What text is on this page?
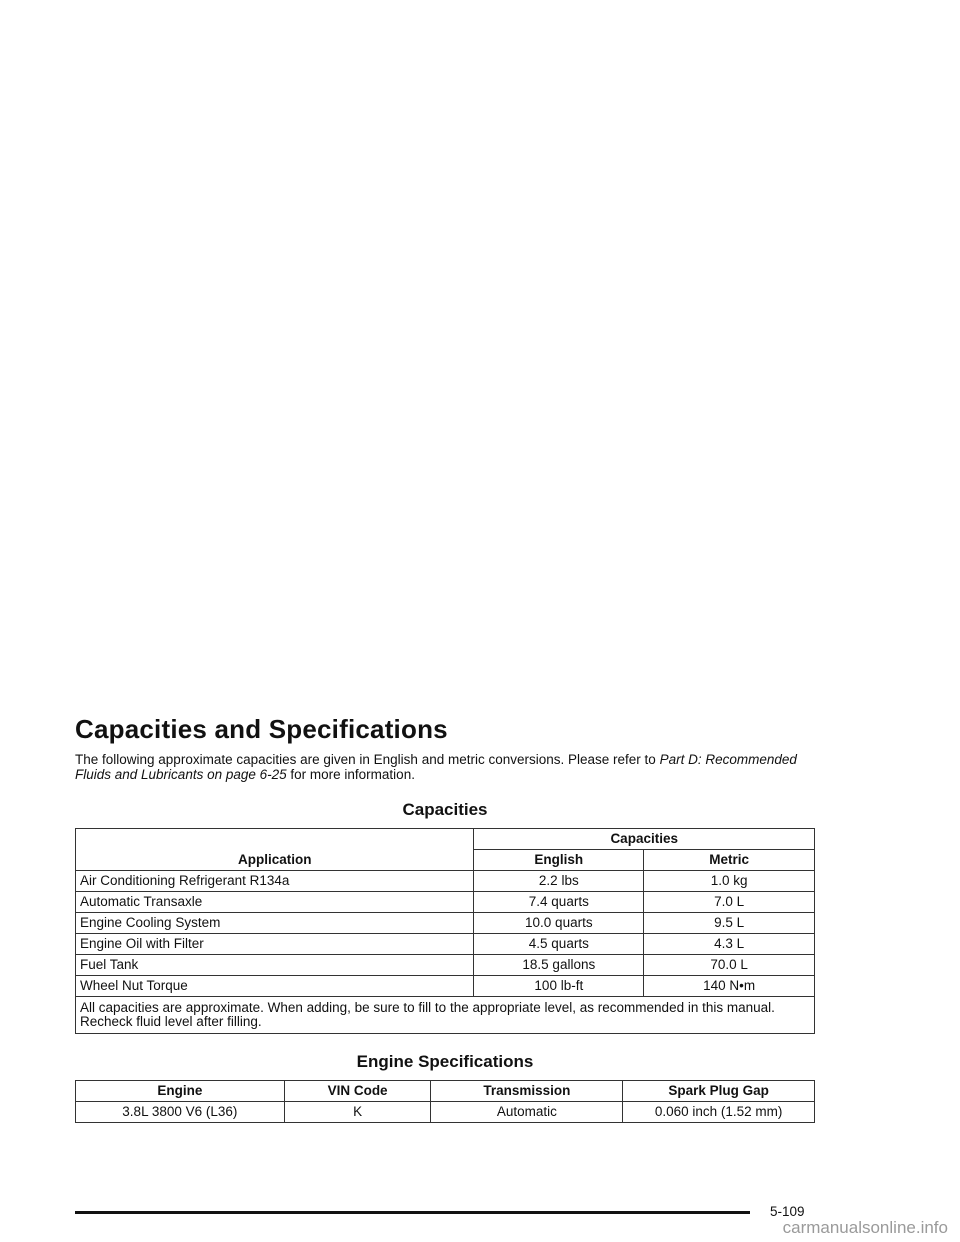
Capacities and Specifications

The following approximate capacities are given in English and metric conversions. Please refer to Part D: Recommended Fluids and Lubricants on page 6-25 for more information.

Capacities
Application	Capacities	
	English	Metric
Air Conditioning Refrigerant R134a	2.2 lbs	1.0 kg
Automatic Transaxle	7.4 quarts	7.0 L
Engine Cooling System	10.0 quarts	9.5 L
Engine Oil with Filter	4.5 quarts	4.3 L
Fuel Tank	18.5 gallons	70.0 L
Wheel Nut Torque	100 lb-ft	140 N•m
All capacities are approximate. When adding, be sure to fill to the appropriate level, as recommended in this manual. Recheck fluid level after filling.		
Engine Specifications
Engine	VIN Code	Transmission	Spark Plug Gap
3.8L 3800 V6 (L36)	K	Automatic	0.060 inch (1.52 mm)
5-109
carmanualsonline.info
